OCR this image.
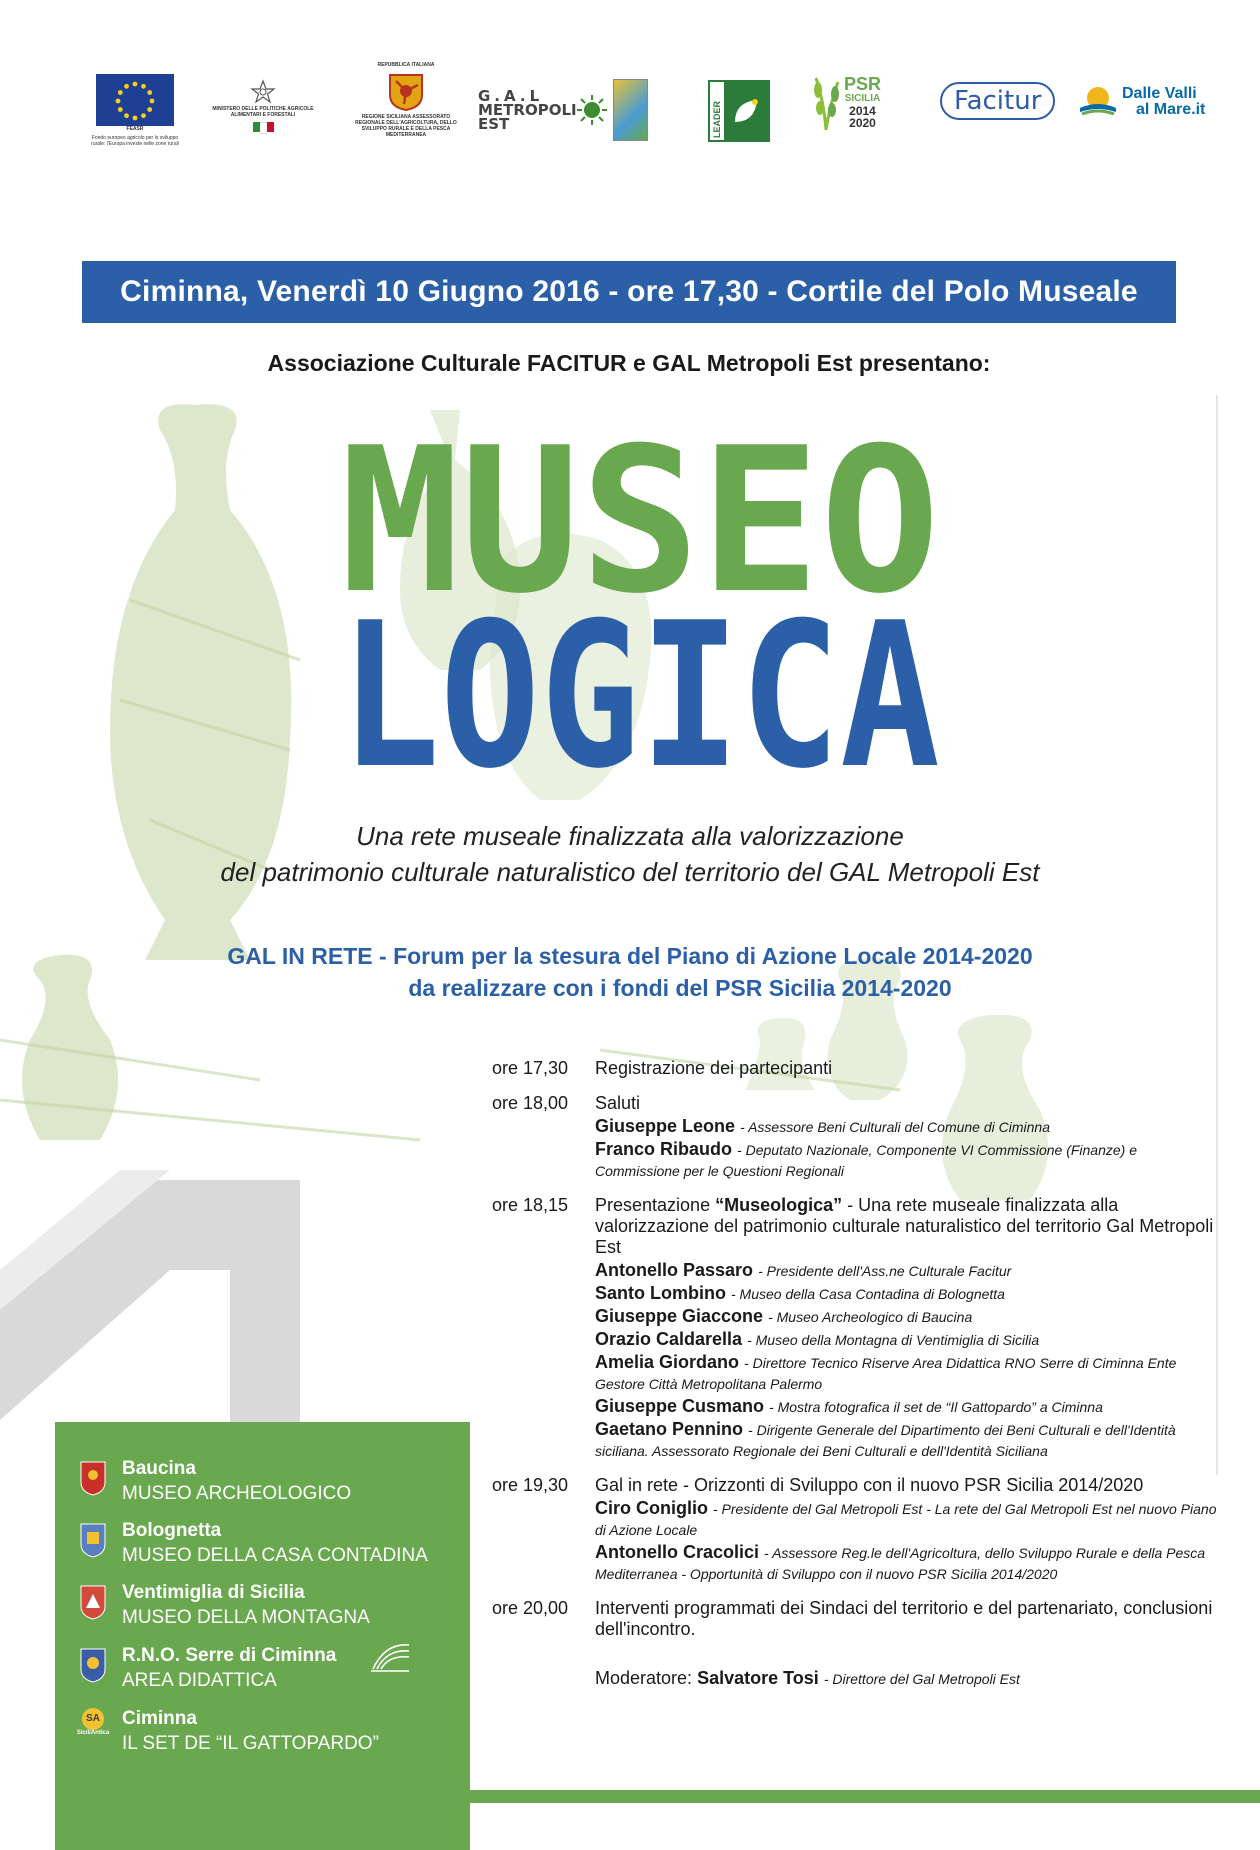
FEASR
Fondo europeo agricolo per lo sviluppo rurale: l'Europa investe nelle zone rurali
MINISTERO DELLE POLITICHE AGRICOLE ALIMENTARI E FORESTALI
REPUBBLICA ITALIANA
REGIONE SICILIANA ASSESSORATO REGIONALE DELL'AGRICOLTURA, DELLO SVILUPPO RURALE E DELLA PESCA MEDITERRANEA
G.A.L
METROPOLI
EST	LEADER
PSR
SICILIA
2014
2020
Facitur	Dalle Valli
al Mare.it
Ciminna, Venerdì 10 Giugno 2016 - ore 17,30 - Cortile del Polo Museale
Associazione Culturale FACITUR e GAL Metropoli Est presentano:
MUSEO
LOGICA
Una rete museale finalizzata alla valorizzazione
del patrimonio culturale naturalistico del territorio del GAL Metropoli Est
GAL IN RETE - Forum per la stesura del Piano di Azione Locale 2014-2020
da realizzare con i fondi del PSR Sicilia 2014-2020
ore 17,30 Registrazione dei partecipanti
ore 18,00 Saluti
Giuseppe Leone - Assessore Beni Culturali del Comune di Ciminna
Franco Ribaudo - Deputato Nazionale, Componente VI Commissione (Finanze) e Commissione per le Questioni Regionali
ore 18,15 Presentazione “Museologica” - Una rete museale finalizzata alla valorizzazione del patrimonio culturale naturalistico del territorio Gal Metropoli Est
Antonello Passaro - Presidente dell'Ass.ne Culturale Facitur
Santo Lombino - Museo della Casa Contadina di Bolognetta
Giuseppe Giaccone - Museo Archeologico di Baucina
Orazio Caldarella - Museo della Montagna di Ventimiglia di Sicilia
Amelia Giordano - Direttore Tecnico Riserve Area Didattica RNO Serre di Ciminna Ente Gestore Città Metropolitana Palermo
Giuseppe Cusmano - Mostra fotografica il set de “Il Gattopardo” a Ciminna
Gaetano Pennino - Dirigente Generale del Dipartimento dei Beni Culturali e dell'Identità siciliana. Assessorato Regionale dei Beni Culturali e dell'Identità Siciliana
ore 19,30 Gal in rete - Orizzonti di Sviluppo con il nuovo PSR Sicilia 2014/2020
Ciro Coniglio - Presidente del Gal Metropoli Est - La rete del Gal Metropoli Est nel nuovo Piano di Azione Locale
Antonello Cracolici - Assessore Reg.le dell'Agricoltura, dello Sviluppo Rurale e della Pesca Mediterranea - Opportunità di Sviluppo con il nuovo PSR Sicilia 2014/2020
ore 20,00 Interventi programmati dei Sindaci del territorio e del partenariato, conclusioni dell'incontro.
Moderatore: Salvatore Tosi - Direttore del Gal Metropoli Est
Baucina
MUSEO ARCHEOLOGICO
Bolognetta
MUSEO DELLA CASA CONTADINA
Ventimiglia di Sicilia
MUSEO DELLA MONTAGNA
R.N.O. Serre di Ciminna
AREA DIDATTICA
SA
SiciliAntica
Ciminna
IL SET DE “IL GATTOPARDO”
